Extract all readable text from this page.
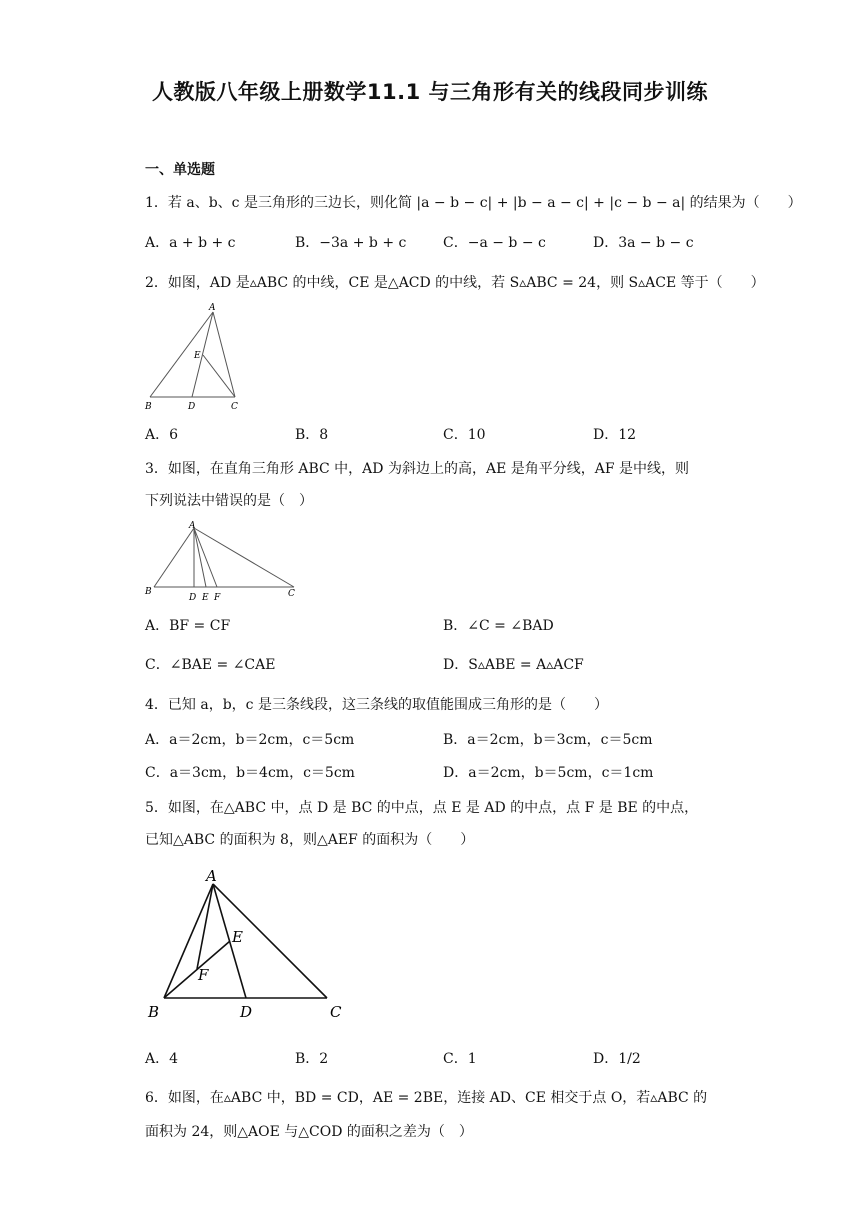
人教版八年级上册数学11.1 与三角形有关的线段同步训练
一、单选题
1．若 a、b、c 是三角形的三边长，则化简 |a − b − c| + |b − a − c| + |c − b − a| 的结果为（　　）
A．a + b + c	B．−3a + b + c	C．−a − b − c	D．3a − b − c
2．如图，AD 是▵ABC 的中线，CE 是△ACD 的中线，若 S▵ABC = 24，则 S▵ACE 等于（　　）
A
E
B	D	C
A．6	B．8	C．10	D．12
3．如图，在直角三角形 ABC 中，AD 为斜边上的高，AE 是角平分线，AF 是中线，则
下列说法中错误的是（　）
A
B
D E F	C
A．BF = CF	B．∠C = ∠BAD
C．∠BAE = ∠CAE	D．S▵ABE = A▵ACF
4．已知 a，b，c 是三条线段，这三条线的取值能围成三角形的是（　　）
A．a＝2cm，b＝2cm，c＝5cm	B．a＝2cm，b＝3cm，c＝5cm
C．a＝3cm，b＝4cm，c＝5cm	D．a＝2cm，b＝5cm，c＝1cm
5．如图，在△ABC 中，点 D 是 BC 的中点，点 E 是 AD 的中点，点 F 是 BE 的中点，
已知△ABC 的面积为 8，则△AEF 的面积为（　　）
A
E
F
B	D	C
A．4	B．2	C．1	D．1/2
6．如图，在▵ABC 中，BD = CD，AE = 2BE，连接 AD、CE 相交于点 O，若▵ABC 的
面积为 24，则△AOE 与△COD 的面积之差为（　）
